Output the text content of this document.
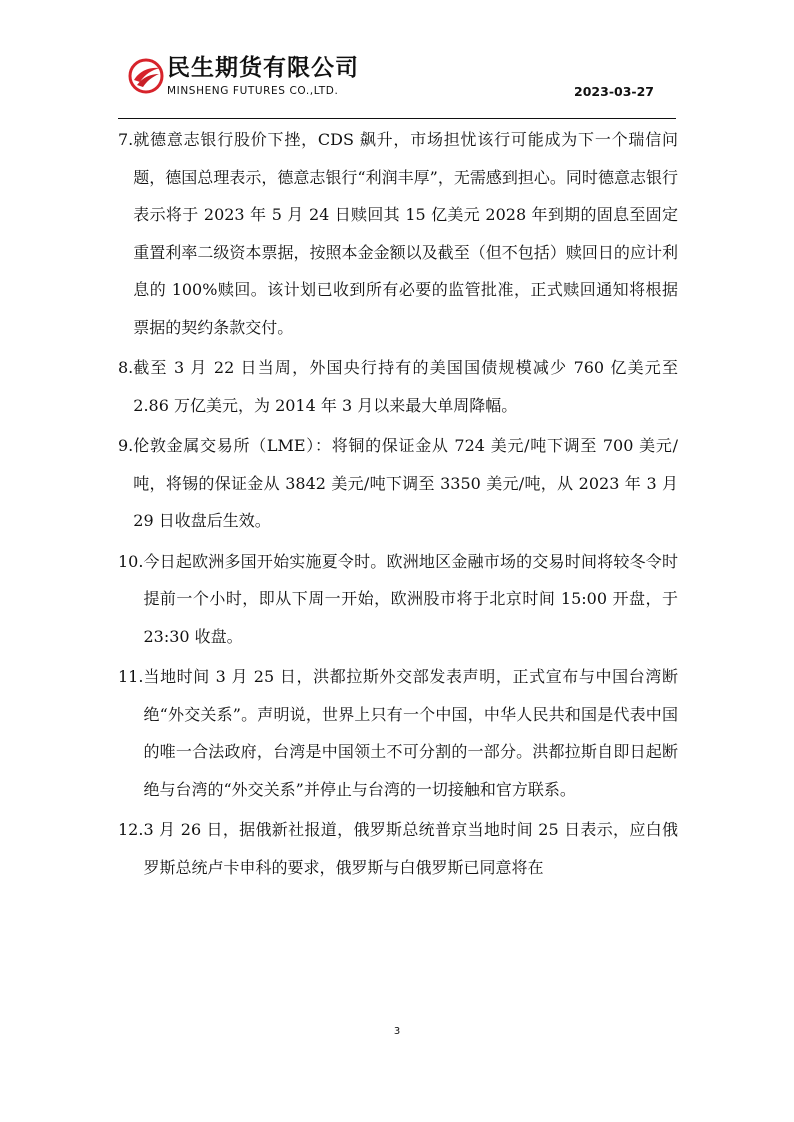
民生期货有限公司
MINSHENG FUTURES CO.,LTD.	2023-03-27

7. 就德意志银行股价下挫，CDS 飙升，市场担忧该行可能成为下一个瑞信问题，德国总理表示，德意志银行“利润丰厚”，无需感到担心。同时德意志银行表示将于 2023 年 5 月 24 日赎回其 15 亿美元 2028 年到期的固息至固定重置利率二级资本票据，按照本金金额以及截至（但不包括）赎回日的应计利息的 100%赎回。该计划已收到所有必要的监管批准，正式赎回通知将根据票据的契约条款交付。

8. 截至 3 月 22 日当周，外国央行持有的美国国债规模减少 760 亿美元至 2.86 万亿美元，为 2014 年 3 月以来最大单周降幅。

9. 伦敦金属交易所（LME）：将铜的保证金从 724 美元/吨下调至 700 美元/吨，将锡的保证金从 3842 美元/吨下调至 3350 美元/吨，从 2023 年 3 月 29 日收盘后生效。

10. 今日起欧洲多国开始实施夏令时。欧洲地区金融市场的交易时间将较冬令时提前一个小时，即从下周一开始，欧洲股市将于北京时间 15:00 开盘，于 23:30 收盘。

11. 当地时间 3 月 25 日，洪都拉斯外交部发表声明，正式宣布与中国台湾断绝“外交关系”。声明说，世界上只有一个中国，中华人民共和国是代表中国的唯一合法政府，台湾是中国领土不可分割的一部分。洪都拉斯自即日起断绝与台湾的“外交关系”并停止与台湾的一切接触和官方联系。

12. 3 月 26 日，据俄新社报道，俄罗斯总统普京当地时间 25 日表示，应白俄罗斯总统卢卡申科的要求，俄罗斯与白俄罗斯已同意将在

3
